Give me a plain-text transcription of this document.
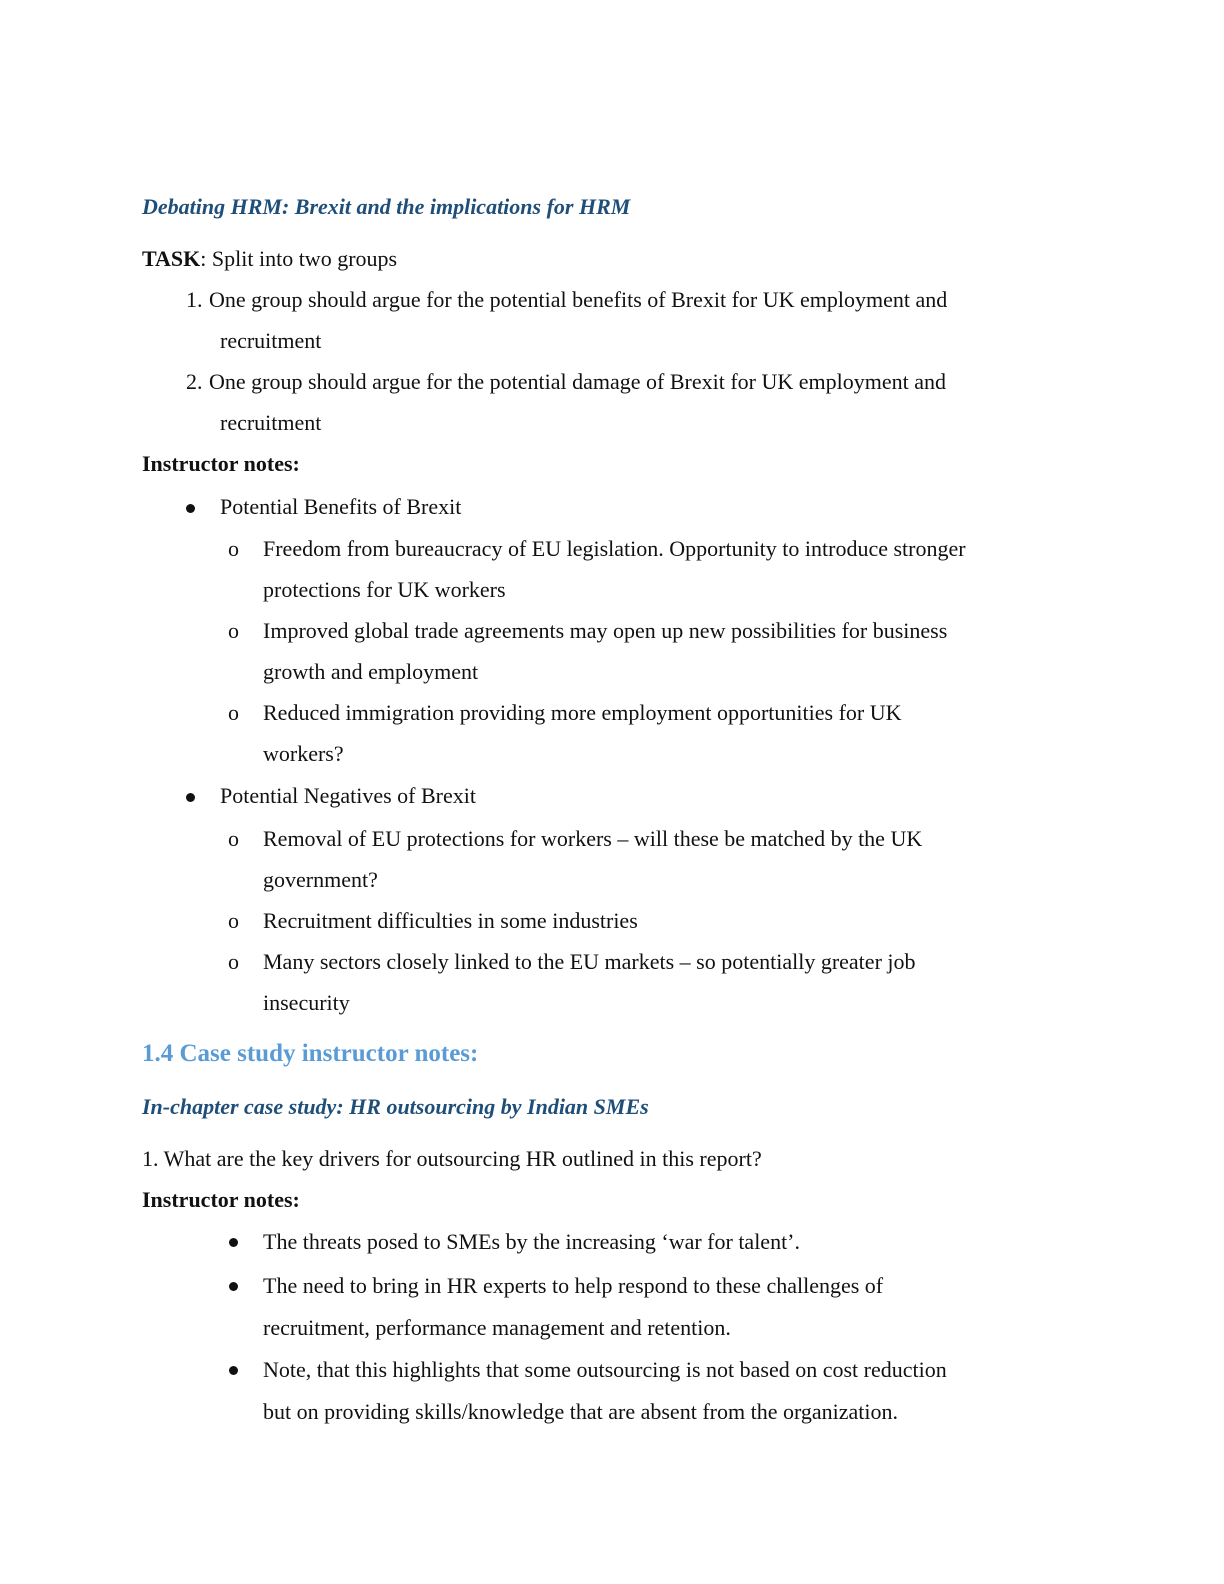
Debating HRM: Brexit and the implications for HRM
TASK: Split into two groups
1. One group should argue for the potential benefits of Brexit for UK employment and
recruitment
2. One group should argue for the potential damage of Brexit for UK employment and
recruitment
Instructor notes:
Potential Benefits of Brexit
o Freedom from bureaucracy of EU legislation. Opportunity to introduce stronger
protections for UK workers
o Improved global trade agreements may open up new possibilities for business
growth and employment
o Reduced immigration providing more employment opportunities for UK
workers?
Potential Negatives of Brexit
o Removal of EU protections for workers – will these be matched by the UK
government?
o Recruitment difficulties in some industries
o Many sectors closely linked to the EU markets – so potentially greater job
insecurity
1.4 Case study instructor notes:
In-chapter case study: HR outsourcing by Indian SMEs
1. What are the key drivers for outsourcing HR outlined in this report?
Instructor notes:
The threats posed to SMEs by the increasing ‘war for talent’.
The need to bring in HR experts to help respond to these challenges of
recruitment, performance management and retention.
Note, that this highlights that some outsourcing is not based on cost reduction
but on providing skills/knowledge that are absent from the organization.
